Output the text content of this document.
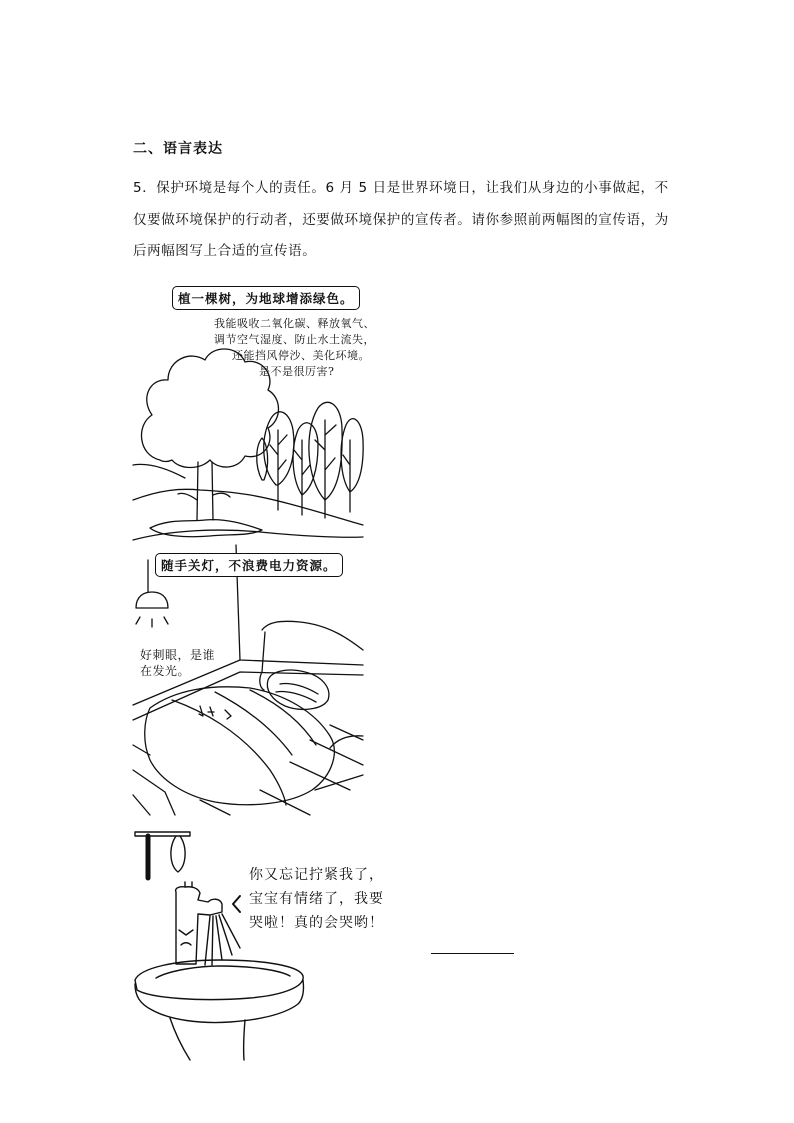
二、语言表达
5．保护环境是每个人的责任。6 月 5 日是世界环境日，让我们从身边的小事做起，不
仅要做环境保护的行动者，还要做环境保护的宣传者。请你参照前两幅图的宣传语，为
后两幅图写上合适的宣传语。
植一棵树，为地球增添绿色。
我能吸收二氧化碳、释放氧气、
调节空气湿度、防止水土流失，
还能挡风停沙、美化环境。
是不是很厉害?
随手关灯，不浪费电力资源。
好刺眼，是谁
在发光。
你又忘记拧紧我了，
宝宝有情绪了，我要
哭啦！真的会哭哟！
